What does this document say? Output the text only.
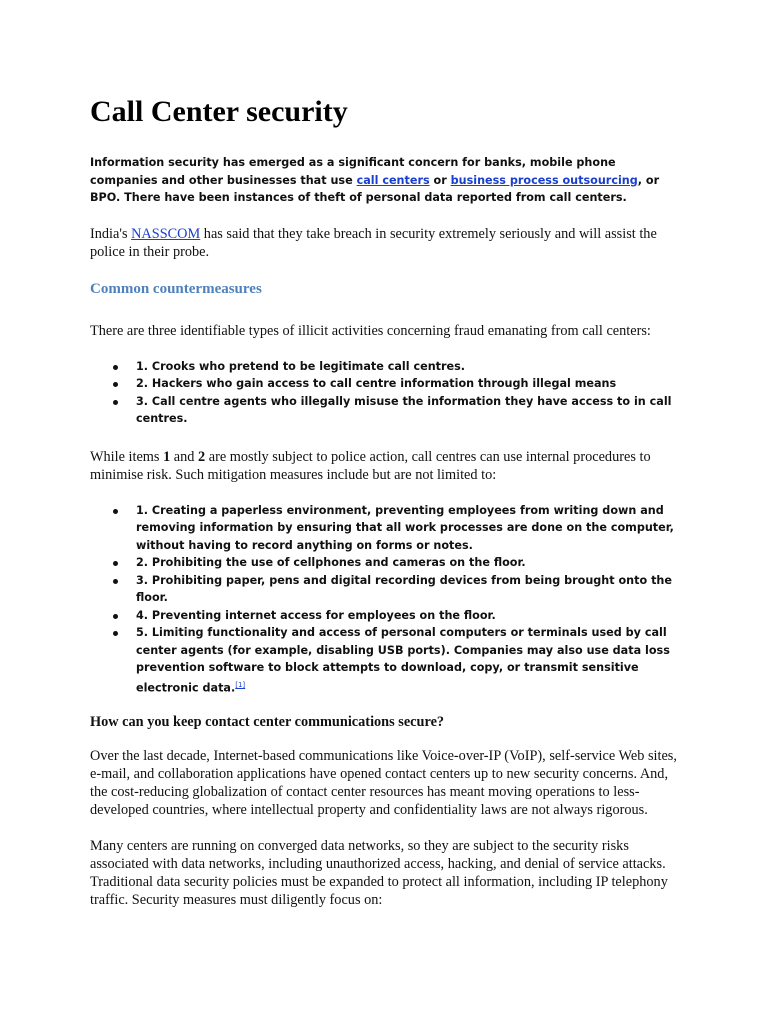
Call Center security

Information security has emerged as a significant concern for banks, mobile phone companies and other businesses that use call centers or business process outsourcing, or BPO. There have been instances of theft of personal data reported from call centers.

India's NASSCOM has said that they take breach in security extremely seriously and will assist the police in their probe.

Common countermeasures

There are three identifiable types of illicit activities concerning fraud emanating from call centers:

1. Crooks who pretend to be legitimate call centres.
2. Hackers who gain access to call centre information through illegal means
3. Call centre agents who illegally misuse the information they have access to in call centres.

While items 1 and 2 are mostly subject to police action, call centres can use internal procedures to minimise risk. Such mitigation measures include but are not limited to:

1. Creating a paperless environment, preventing employees from writing down and removing information by ensuring that all work processes are done on the computer, without having to record anything on forms or notes.
2. Prohibiting the use of cellphones and cameras on the floor.
3. Prohibiting paper, pens and digital recording devices from being brought onto the floor.
4. Preventing internet access for employees on the floor.
5. Limiting functionality and access of personal computers or terminals used by call center agents (for example, disabling USB ports). Companies may also use data loss prevention software to block attempts to download, copy, or transmit sensitive electronic data.[1]
How can you keep contact center communications secure?

Over the last decade, Internet-based communications like Voice-over-IP (VoIP), self-service Web sites, e-mail, and collaboration applications have opened contact centers up to new security concerns. And, the cost-reducing globalization of contact center resources has meant moving operations to less-developed countries, where intellectual property and confidentiality laws are not always rigorous.

Many centers are running on converged data networks, so they are subject to the security risks associated with data networks, including unauthorized access, hacking, and denial of service attacks. Traditional data security policies must be expanded to protect all information, including IP telephony traffic. Security measures must diligently focus on:
